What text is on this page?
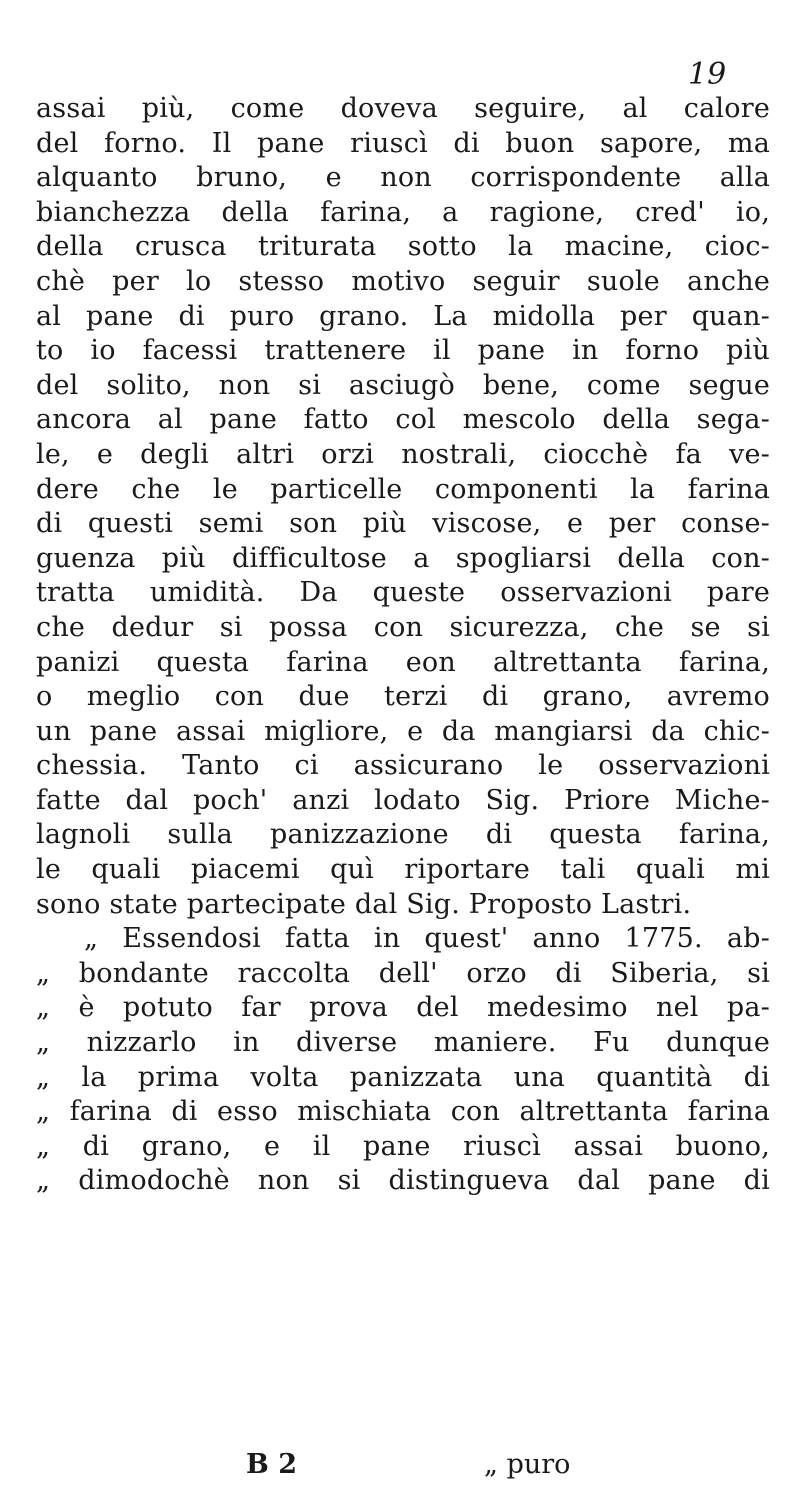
19
assai più, come doveva seguire, al calore
del forno. Il pane riuscì di buon sapore, ma
alquanto bruno, e non corrispondente alla
bianchezza della farina, a ragione, cred' io,
della crusca triturata sotto la macine, cioc-
chè per lo stesso motivo seguir suole anche
al pane di puro grano. La midolla per quan-
to io facessi trattenere il pane in forno più
del solito, non si asciugò bene, come segue
ancora al pane fatto col mescolo della sega-
le, e degli altri orzi nostrali, ciocchè fa ve-
dere che le particelle componenti la farina
di questi semi son più viscose, e per conse-
guenza più difficultose a spogliarsi della con-
tratta umidità. Da queste osservazioni pare
che dedur si possa con sicurezza, che se si
panizi questa farina eon altrettanta farina,
o meglio con due terzi di grano, avremo
un pane assai migliore, e da mangiarsi da chic-
chessia. Tanto ci assicurano le osservazioni
fatte dal poch' anzi lodato Sig. Priore Miche-
lagnoli sulla panizzazione di questa farina,
le quali piacemi quì riportare tali quali mi
sono state partecipate dal Sig. Proposto Lastri.
„ Essendosi fatta in quest' anno 1775. ab-
„ bondante raccolta dell' orzo di Siberia, si
„ è potuto far prova del medesimo nel pa-
„ nizzarlo in diverse maniere. Fu dunque
„ la prima volta panizzata una quantità di
„ farina di esso mischiata con altrettanta farina
„ di grano, e il pane riuscì assai buono,
„ dimodochè non si distingueva dal pane di
B 2	„ puro
